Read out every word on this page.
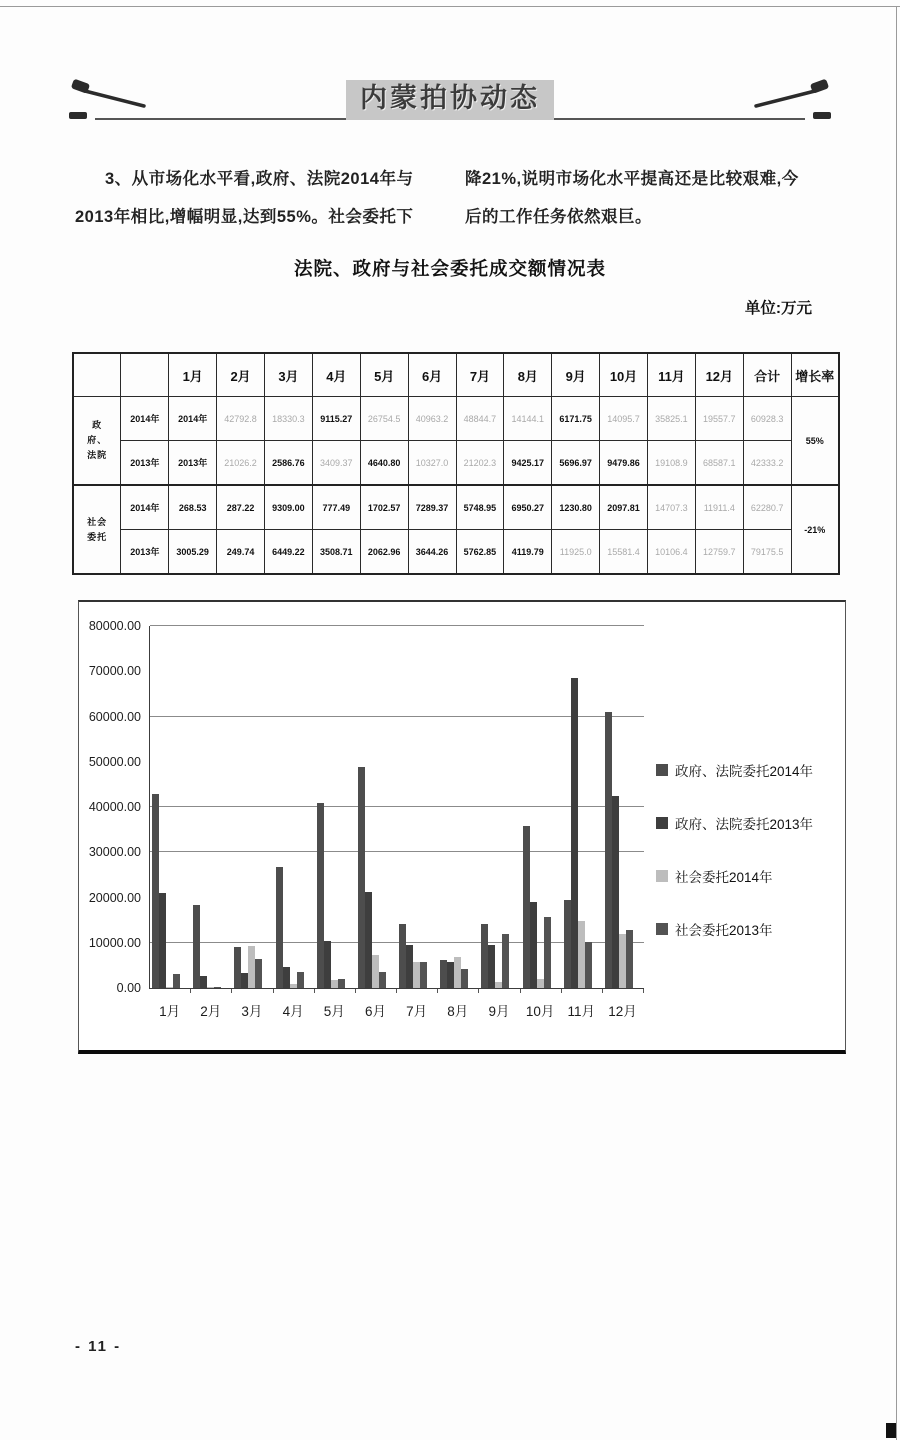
内蒙拍协动态
3、从市场化水平看,政府、法院2014年与
2013年相比,增幅明显,达到55%。社会委托下
降21%,说明市场化水平提高还是比较艰难,今
后的工作任务依然艰巨。
法院、政府与社会委托成交额情况表
单位:万元
		1月	2月	3月	4月	5月	6月	7月	8月	9月	10月	11月	12月	合计	增长率
政
府、
法院	2014年	2014年	42792.8	18330.3	9115.27	26754.5	40963.2	48844.7	14144.1	6171.75	14095.7	35825.1	19557.7	60928.3	55%
	2013年	2013年	21026.2	2586.76	3409.37	4640.80	10327.0	21202.3	9425.17	5696.97	9479.86	19108.9	68587.1	42333.2	
社会
委托	2014年	268.53	287.22	9309.00	777.49	1702.57	7289.37	5748.95	6950.27	1230.80	2097.81	14707.3	11911.4	62280.7	-21%
	2013年	3005.29	249.74	6449.22	3508.71	2062.96	3644.26	5762.85	4119.79	11925.0	15581.4	10106.4	12759.7	79175.5	
1月	2月	3月	4月	5月	6月	7月	8月	9月	10月 11月 12月
政府、法院委托2014年
政府、法院委托2013年
社会委托2014年
社会委托2013年
0.00
10000.00
20000.00
30000.00
40000.00
50000.00
60000.00
70000.00
80000.00
- 11 -
